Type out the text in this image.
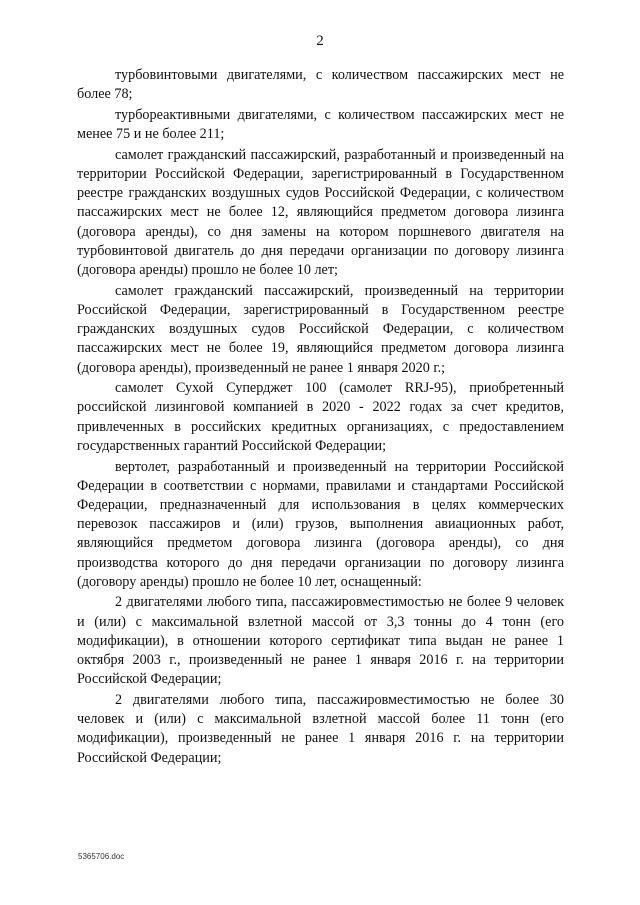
2

турбовинтовыми двигателями, с количеством пассажирских мест не более 78;

турбореактивными двигателями, с количеством пассажирских мест не менее 75 и не более 211;

самолет гражданский пассажирский, разработанный и произведенный на территории Российской Федерации, зарегистрированный в Государственном реестре гражданских воздушных судов Российской Федерации, с количеством пассажирских мест не более 12, являющийся предметом договора лизинга (договора аренды), со дня замены на котором поршневого двигателя на турбовинтовой двигатель до дня передачи организации по договору лизинга (договора аренды) прошло не более 10 лет;

самолет гражданский пассажирский, произведенный на территории Российской Федерации, зарегистрированный в Государственном реестре гражданских воздушных судов Российской Федерации, с количеством пассажирских мест не более 19, являющийся предметом договора лизинга (договора аренды), произведенный не ранее 1 января 2020 г.;

самолет Сухой Суперджет 100 (самолет RRJ-95), приобретенный российской лизинговой компанией в 2020 - 2022 годах за счет кредитов, привлеченных в российских кредитных организациях, с предоставлением государственных гарантий Российской Федерации;

вертолет, разработанный и произведенный на территории Российской Федерации в соответствии с нормами, правилами и стандартами Российской Федерации, предназначенный для использования в целях коммерческих перевозок пассажиров и (или) грузов, выполнения авиационных работ, являющийся предметом договора лизинга (договора аренды), со дня производства которого до дня передачи организации по договору лизинга (договору аренды) прошло не более 10 лет, оснащенный:

2 двигателями любого типа, пассажировместимостью не более 9 человек и (или) с максимальной взлетной массой от 3,3 тонны до 4 тонн (его модификации), в отношении которого сертификат типа выдан не ранее 1 октября 2003 г., произведенный не ранее 1 января 2016 г. на территории Российской Федерации;

2 двигателями любого типа, пассажировместимостью не более 30 человек и (или) с максимальной взлетной массой более 11 тонн (его модификации), произведенный не ранее 1 января 2016 г. на территории Российской Федерации;

5365706.doc
